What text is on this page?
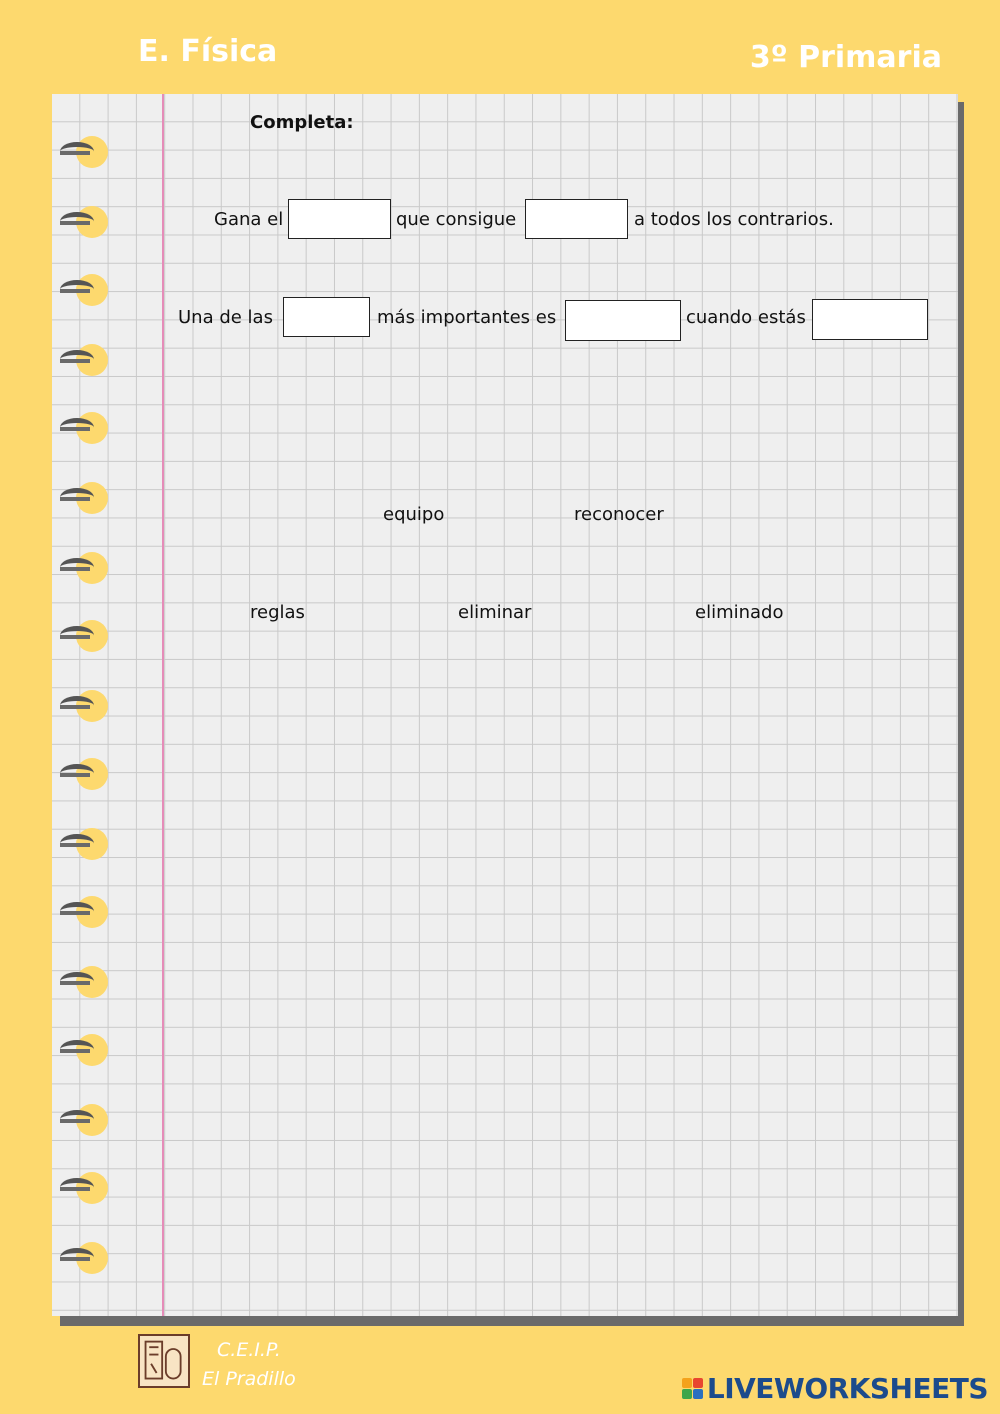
E. Física	3º Primaria
Completa:
Gana el	que consigue	a todos los contrarios.
Una de las	más importantes es	cuando estás
equipo	reconocer
reglas	eliminar	eliminado
C.E.I.P.
El Pradillo	LIVEWORKSHEETS
